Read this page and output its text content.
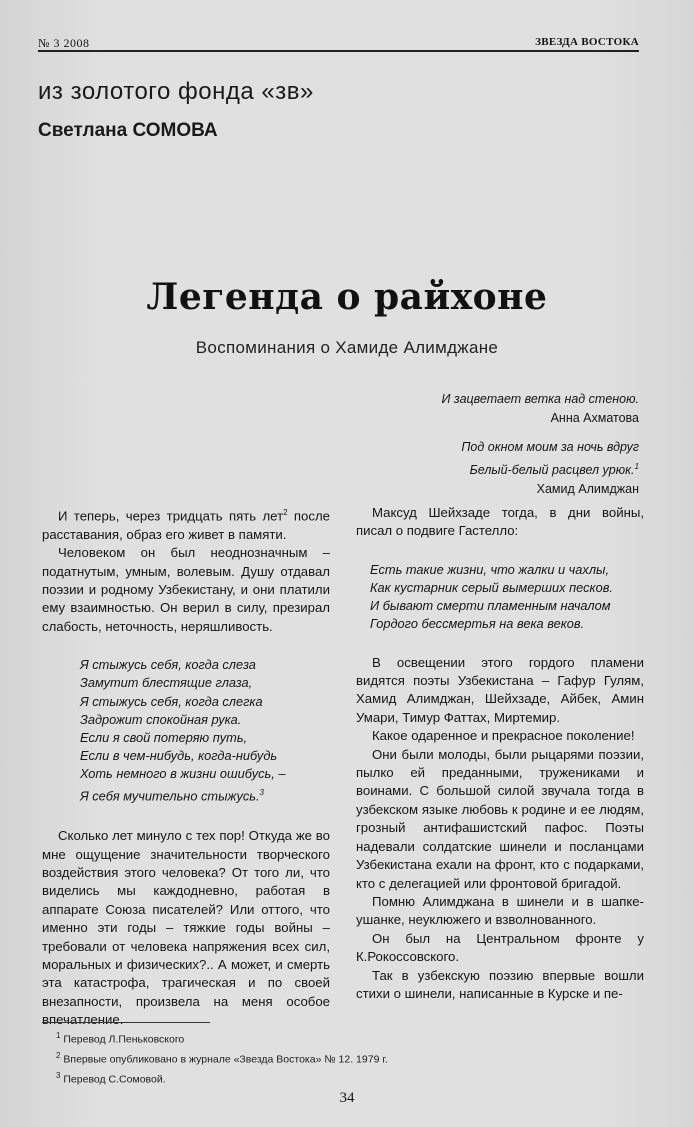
№ 3 2008	ЗВЕЗДА ВОСТОКА
из золотого фонда «зв»
Светлана СОМОВА
Легенда о райхоне
Воспоминания о Хамиде Алимджане
И зацветает ветка над стеною.
Анна Ахматова
Под окном моим за ночь вдруг
Белый-белый расцвел урюк.$^1$
Хамид Алимджан

И теперь, через тридцать пять лет$^2$ после расставания, образ его живет в памяти.

Человеком он был неоднозначным – податнутым, умным, волевым. Душу отдавал поэзии и родному Узбекистану, и они платили ему взаимностью. Он верил в силу, презирал слабость, неточность, неряшливость.

Я стыжусь себя, когда слеза
Замутит блестящие глаза,
Я стыжусь себя, когда слегка
Задрожит спокойная рука.
Если я свой потеряю путь,
Если в чем-нибудь, когда-нибудь
Хоть немного в жизни ошибусь, –
Я себя мучительно стыжусь.$^3$

Сколько лет минуло с тех пор! Откуда же во мне ощущение значительности творческого воздействия этого человека? От того ли, что виделись мы каждодневно, работая в аппарате Союза писателей? Или оттого, что именно эти годы – тяжкие годы войны – требовали от человека напряжения всех сил, моральных и физических?.. А может, и смерть эта катастрофа, трагическая и по своей внезапности, произвела на меня особое впечатление.

Максуд Шейхзаде тогда, в дни войны, писал о подвиге Гастелло:

Есть такие жизни, что жалки и чахлы,
Как кустарник серый вымерших песков.
И бывают смерти пламенным началом
Гордого бессмертья на века веков.

В освещении этого гордого пламени видятся поэты Узбекистана – Гафур Гулям, Хамид Алимджан, Шейхзаде, Айбек, Амин Умари, Тимур Фаттах, Миртемир.

Какое одаренное и прекрасное поколение!

Они были молоды, были рыцарями поэзии, пылко ей преданными, тружениками и воинами. С большой силой звучала тогда в узбекском языке любовь к родине и ее людям, грозный антифашистский пафос. Поэты надевали солдатские шинели и посланцами Узбекистана ехали на фронт, кто с подарками, кто с делегацией или фронтовой бригадой.

Помню Алимджана в шинели и в шапке-ушанке, неуклюжего и взволнованного.

Он был на Центральном фронте у К.Рокоссовского.

Так в узбекскую поэзию впервые вошли стихи о шинели, написанные в Курске и пе-

$^1$ Перевод Л.Пеньковского
$^2$ Впервые опубликовано в журнале «Звезда Востока» № 12. 1979 г.
$^3$ Перевод С.Сомовой.
34
